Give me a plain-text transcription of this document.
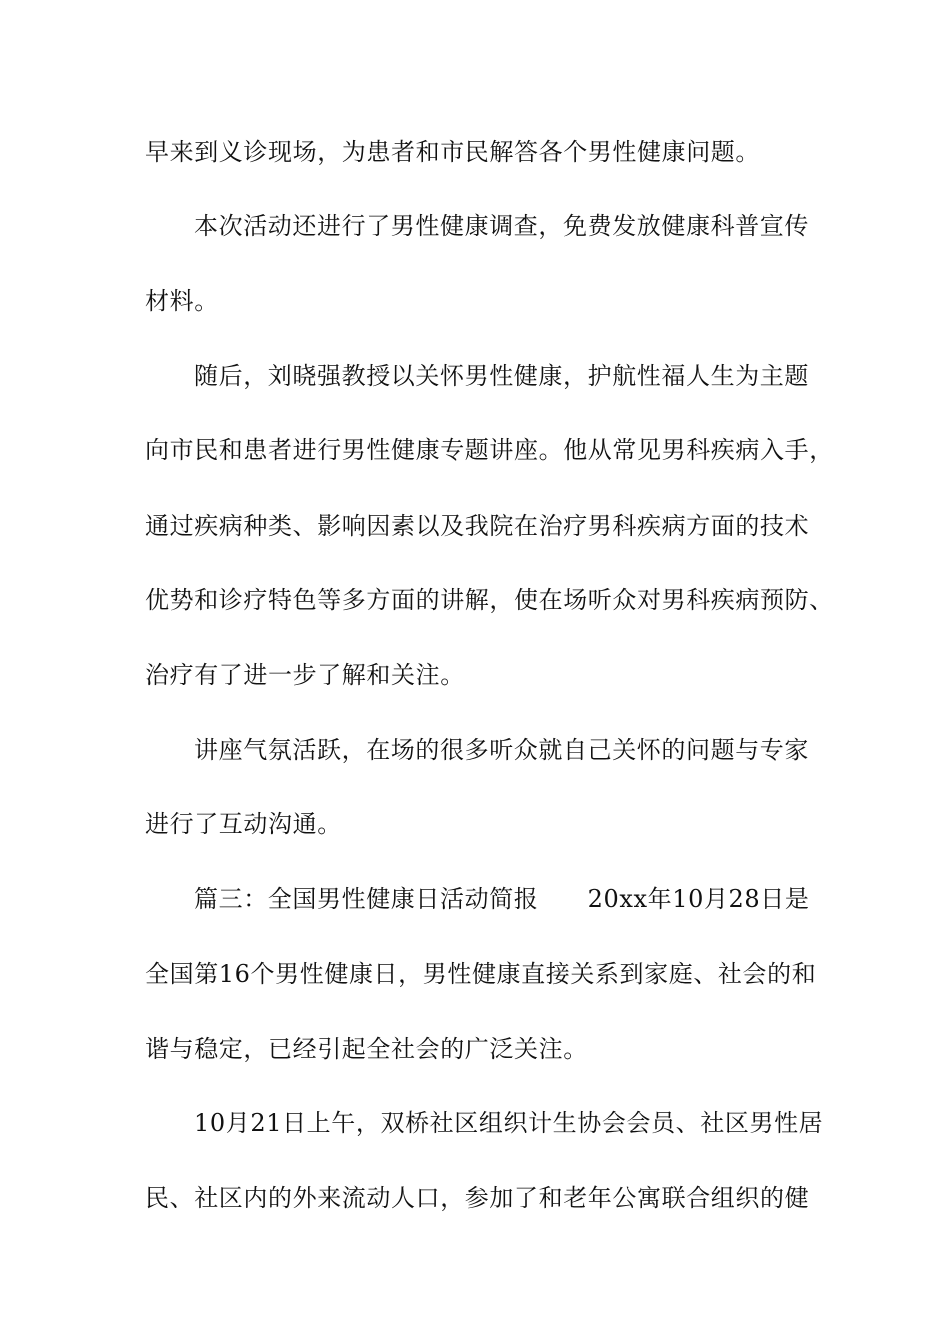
早来到义诊现场，为患者和市民解答各个男性健康问题。
本次活动还进行了男性健康调查，免费发放健康科普宣传
材料。
随后，刘晓强教授以关怀男性健康，护航性福人生为主题
向市民和患者进行男性健康专题讲座。他从常见男科疾病入手，
通过疾病种类、影响因素以及我院在治疗男科疾病方面的技术
优势和诊疗特色等多方面的讲解，使在场听众对男科疾病预防、
治疗有了进一步了解和关注。
讲座气氛活跃，在场的很多听众就自己关怀的问题与专家
进行了互动沟通。
篇三：全国男性健康日活动简报　　20xx年10月28日是
全国第16个男性健康日，男性健康直接关系到家庭、社会的和
谐与稳定，已经引起全社会的广泛关注。
10月21日上午，双桥社区组织计生协会会员、社区男性居
民、社区内的外来流动人口，参加了和老年公寓联合组织的健
